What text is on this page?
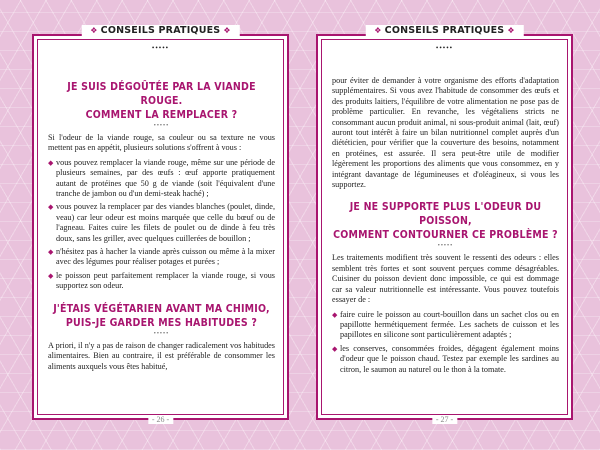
❖ CONSEILS PRATIQUES ❖
•••••
JE SUIS DÉGOÛTÉE PAR LA VIANDE ROUGE.
COMMENT LA REMPLACER ?
•••••

Si l'odeur de la viande rouge, sa couleur ou sa texture ne vous mettent pas en appétit, plusieurs solutions s'offrent à vous :

◆ vous pouvez remplacer la viande rouge, même sur une période de plusieurs semaines, par des œufs : œuf apporte pratiquement autant de protéines que 50 g de viande (soit l'équivalent d'une tranche de jambon ou d'un demi-steak haché) ;
◆ vous pouvez la remplacer par des viandes blanches (poulet, dinde, veau) car leur odeur est moins marquée que celle du bœuf ou de l'agneau. Faites cuire les filets de poulet ou de dinde à feu très doux, sans les griller, avec quelques cuillerées de bouillon ;
◆ n'hésitez pas à hacher la viande après cuisson ou même à la mixer avec des légumes pour réaliser potages et purées ;
◆ le poisson peut parfaitement remplacer la viande rouge, si vous supportez son odeur.
J'ÉTAIS VÉGÉTARIEN AVANT MA CHIMIO,
PUIS-JE GARDER MES HABITUDES ?
•••••

A priori, il n'y a pas de raison de changer radicalement vos habitudes alimentaires. Bien au contraire, il est préférable de consommer les aliments auxquels vous êtes habitué,

- 26 -
❖ CONSEILS PRATIQUES ❖
•••••

pour éviter de demander à votre organisme des efforts d'adaptation supplémentaires. Si vous avez l'habitude de consommer des œufs et des produits laitiers, l'équilibre de votre alimentation ne pose pas de problème particulier. En revanche, les végétaliens stricts ne consommant aucun produit animal, ni sous-produit animal (lait, œuf) auront tout intérêt à faire un bilan nutritionnel complet auprès d'un diététicien, pour vérifier que la couverture des besoins, notamment en protéines, est assurée. Il sera peut-être utile de modifier légèrement les proportions des aliments que vous consommez, en y intégrant davantage de légumineuses et d'oléagineux, si vous les supportez.

JE NE SUPPORTE PLUS L'ODEUR DU POISSON,
COMMENT CONTOURNER CE PROBLÈME ?
•••••

Les traitements modifient très souvent le ressenti des odeurs : elles semblent très fortes et sont souvent perçues comme désagréables. Cuisiner du poisson devient donc impossible, ce qui est dommage car sa valeur nutritionnelle est intéressante. Vous pouvez toutefois essayer de :

◆ faire cuire le poisson au court-bouillon dans un sachet clos ou en papillotte hermétiquement fermée. Les sachets de cuisson et les papillotes en silicone sont particulièrement adaptés ;
◆ les conserves, consommées froides, dégagent également moins d'odeur que le poisson chaud. Testez par exemple les sardines au citron, le saumon au naturel ou le thon à la tomate.
- 27 -
